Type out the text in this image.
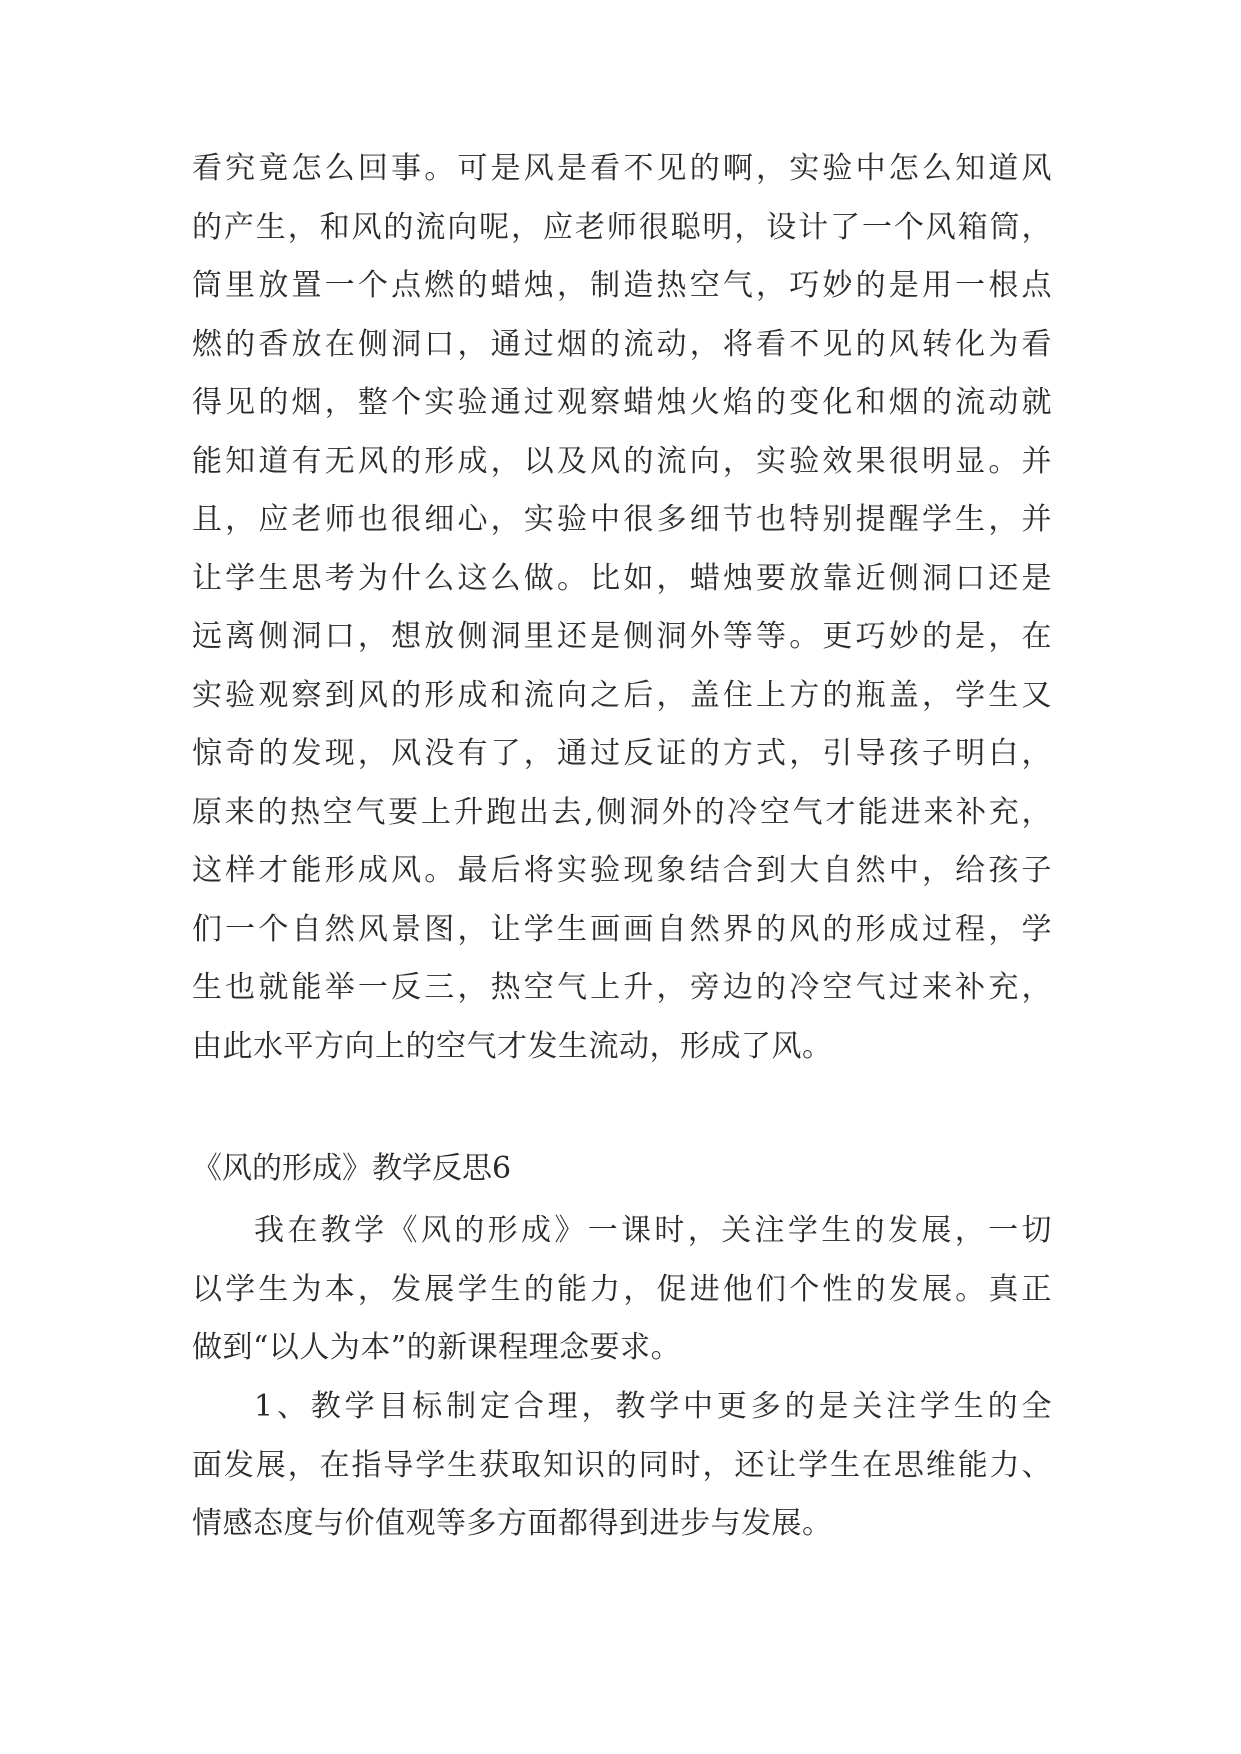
看究竟怎么回事。可是风是看不见的啊，实验中怎么知道风
的产生，和风的流向呢，应老师很聪明，设计了一个风箱筒，
筒里放置一个点燃的蜡烛，制造热空气，巧妙的是用一根点
燃的香放在侧洞口，通过烟的流动，将看不见的风转化为看
得见的烟，整个实验通过观察蜡烛火焰的变化和烟的流动就
能知道有无风的形成，以及风的流向，实验效果很明显。并
且，应老师也很细心，实验中很多细节也特别提醒学生，并
让学生思考为什么这么做。比如，蜡烛要放靠近侧洞口还是
远离侧洞口，想放侧洞里还是侧洞外等等。更巧妙的是，在
实验观察到风的形成和流向之后，盖住上方的瓶盖，学生又
惊奇的发现，风没有了，通过反证的方式，引导孩子明白，
原来的热空气要上升跑出去,侧洞外的冷空气才能进来补充，
这样才能形成风。最后将实验现象结合到大自然中，给孩子
们一个自然风景图，让学生画画自然界的风的形成过程，学
生也就能举一反三，热空气上升，旁边的冷空气过来补充，
由此水平方向上的空气才发生流动，形成了风。
《风的形成》教学反思6
我在教学《风的形成》一课时，关注学生的发展，一切
以学生为本，发展学生的能力，促进他们个性的发展。真正
做到“以人为本”的新课程理念要求。
1、教学目标制定合理，教学中更多的是关注学生的全
面发展，在指导学生获取知识的同时，还让学生在思维能力、
情感态度与价值观等多方面都得到进步与发展。
